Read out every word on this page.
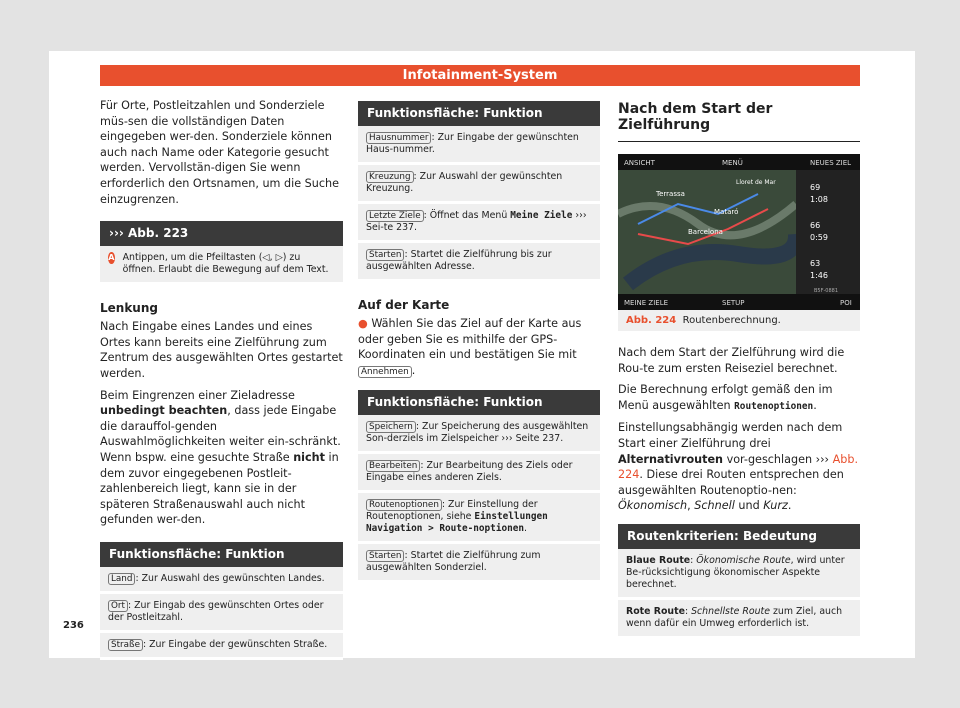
Infotainment-System

Für Orte, Postleitzahlen und Sonderziele müs-sen die vollständigen Daten eingegeben wer-den. Sonderziele können auch nach Name oder Kategorie gesucht werden. Vervollstän-digen Sie wenn erforderlich den Ortsnamen, um die Suche einzugrenzen.

››› Abb. 223
A Antippen, um die Pfeiltasten (◁, ▷) zu öffnen. Erlaubt die Bewegung auf dem Text.
Lenkung

Nach Eingabe eines Landes und eines Ortes kann bereits eine Zielführung zum Zentrum des ausgewählten Ortes gestartet werden.

Beim Eingrenzen einer Zieladresse unbedingt beachten, dass jede Eingabe die darauffol-genden Auswahlmöglichkeiten weiter ein-schränkt. Wenn bspw. eine gesuchte Straße nicht in dem zuvor eingegebenen Postleit-zahlenbereich liegt, kann sie in der späteren Straßenauswahl auch nicht gefunden wer-den.

Funktionsfläche: Funktion
Land : Zur Auswahl des gewünschten Landes.
Ort : Zur Eingab des gewünschten Ortes oder der Postleitzahl.
Straße : Zur Eingabe der gewünschten Straße.
Funktionsfläche: Funktion
Hausnummer : Zur Eingabe der gewünschten Haus-nummer.
Kreuzung : Zur Auswahl der gewünschten Kreuzung.
Letzte Ziele : Öffnet das Menü Meine Ziele ››› Sei-te 237.
Starten : Startet die Zielführung bis zur ausgewählten Adresse.
Auf der Karte

● Wählen Sie das Ziel auf der Karte aus oder geben Sie es mithilfe der GPS-Koordinaten ein und bestätigen Sie mit Annehmen .

Funktionsfläche: Funktion
Speichern : Zur Speicherung des ausgewählten Son-derziels im Zielspeicher ››› Seite 237.
Bearbeiten : Zur Bearbeitung des Ziels oder Eingabe eines anderen Ziels.
Routenoptionen : Zur Einstellung der Routenoptionen, siehe Einstellungen Navigation > Route-noptionen.
Starten : Startet die Zielführung zum ausgewählten Sonderziel.
Nach dem Start der Zielführung
ANSICHT	MENÜ	NEUES ZIEL
MEINE ZIELE	SETUP	POI
69
1:08
66
0:59
63
1:46
Terrassa
Mataró
Barcelona
Lloret de Mar
B5F-0881
Abb. 224 Routenberechnung.

Nach dem Start der Zielführung wird die Rou-te zum ersten Reiseziel berechnet.

Die Berechnung erfolgt gemäß den im Menü ausgewählten Routenoptionen.

Einstellungsabhängig werden nach dem Start einer Zielführung drei Alternativrouten vor-geschlagen ››› Abb. 224. Diese drei Routen entsprechen den ausgewählten Routenoptio-nen: Ökonomisch, Schnell und Kurz.

Routenkriterien: Bedeutung
Blaue Route: Ökonomische Route, wird unter Be-rücksichtigung ökonomischer Aspekte berechnet.
Rote Route: Schnellste Route zum Ziel, auch wenn dafür ein Umweg erforderlich ist.
236
